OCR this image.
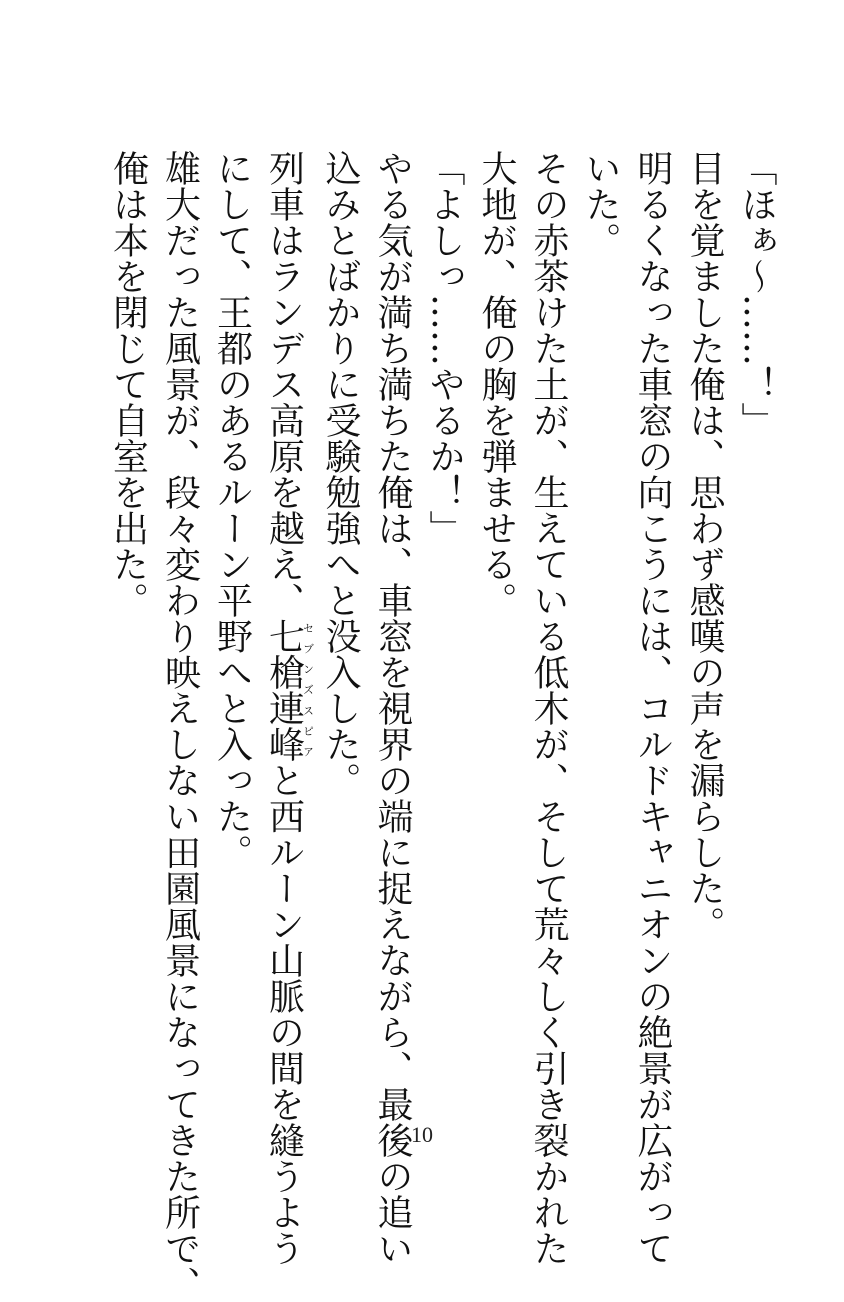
「ほぁ〜……！」

目を覚ました俺は、思わず感嘆の声を漏らした。

明るくなった車窓の向こうには、コルドキャニオンの絶景が広がって

いた。

その赤茶けた土が、生えている低木が、そして荒々しく引き裂かれた

大地が、俺の胸を弾ませる。

「よしっ……やるか！」

やる気が満ち満ちた俺は、車窓を視界の端に捉えながら、最後の追い

込みとばかりに受験勉強へと没入した。

列車はランデス高原を越え、七槍連峰セブンズスピアと西ルーン山脈の間を縫うよう

にして、王都のあるルーン平野へと入った。

雄大だった風景が、段々変わり映えしない田園風景になってきた所で、

俺は本を閉じて自室を出た。

10
